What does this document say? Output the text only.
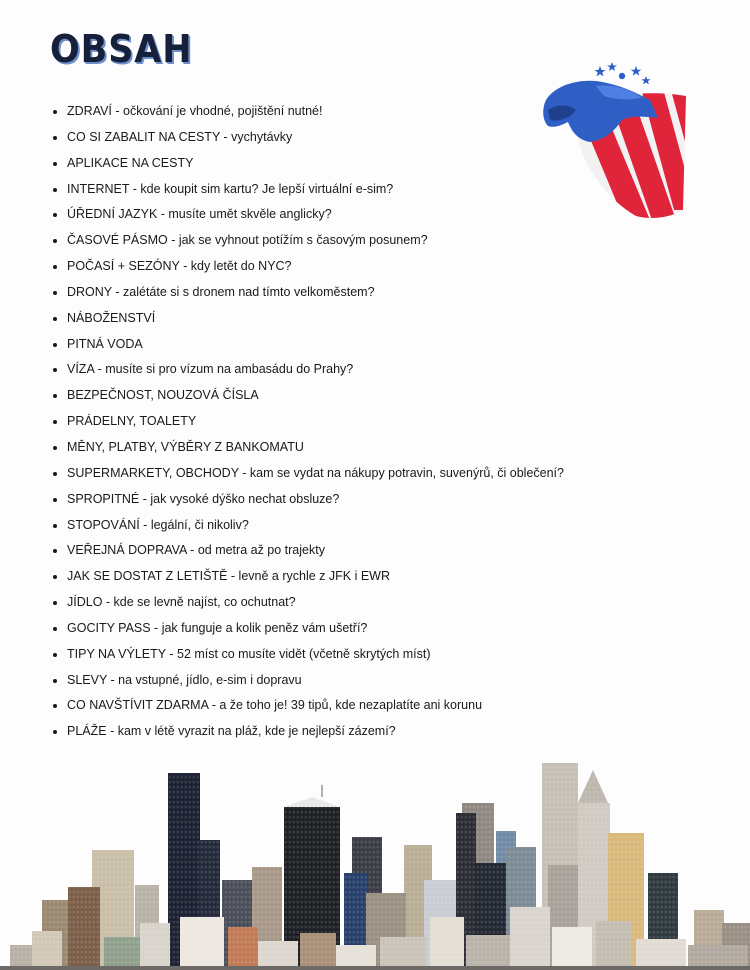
OBSAH
• ZDRAVÍ - očkování je vhodné, pojištění nutné!
• CO SI ZABALIT NA CESTY - vychytávky
• APLIKACE NA CESTY
• INTERNET - kde koupit sim kartu? Je lepší virtuální e-sim?
• ÚŘEDNÍ JAZYK - musíte umět skvěle anglicky?
• ČASOVÉ PÁSMO - jak se vyhnout potížím s časovým posunem?
• POČASÍ + SEZÓNY - kdy letět do NYC?
• DRONY - zalétáte si s dronem nad tímto velkoměstem?
• NÁBOŽENSTVÍ
• PITNÁ VODA
• VÍZA - musíte si pro vízum na ambasádu do Prahy?
• BEZPEČNOST, NOUZOVÁ ČÍSLA
• PRÁDELNY, TOALETY
• MĚNY, PLATBY, VÝBĚRY Z BANKOMATU
• SUPERMARKETY, OBCHODY - kam se vydat na nákupy potravin, suvenýrů, či oblečení?
• SPROPITNÉ - jak vysoké dýško nechat obsluze?
• STOPOVÁNÍ - legální, či nikoliv?
• VEŘEJNÁ DOPRAVA - od metra až po trajekty
• JAK SE DOSTAT Z LETIŠTĚ - levně a rychle z JFK i EWR
• JÍDLO - kde se levně najíst, co ochutnat?
• GOCITY PASS - jak funguje a kolik peněz vám ušetří?
• TIPY NA VÝLETY - 52 míst co musíte vidět (včetně skrytých míst)
• SLEVY - na vstupné, jídlo, e-sim i dopravu
• CO NAVŠTÍVIT ZDARMA - a že toho je! 39 tipů, kde nezaplatíte ani korunu
• PLÁŽE - kam v létě vyrazit na pláž, kde je nejlepší zázemí?
